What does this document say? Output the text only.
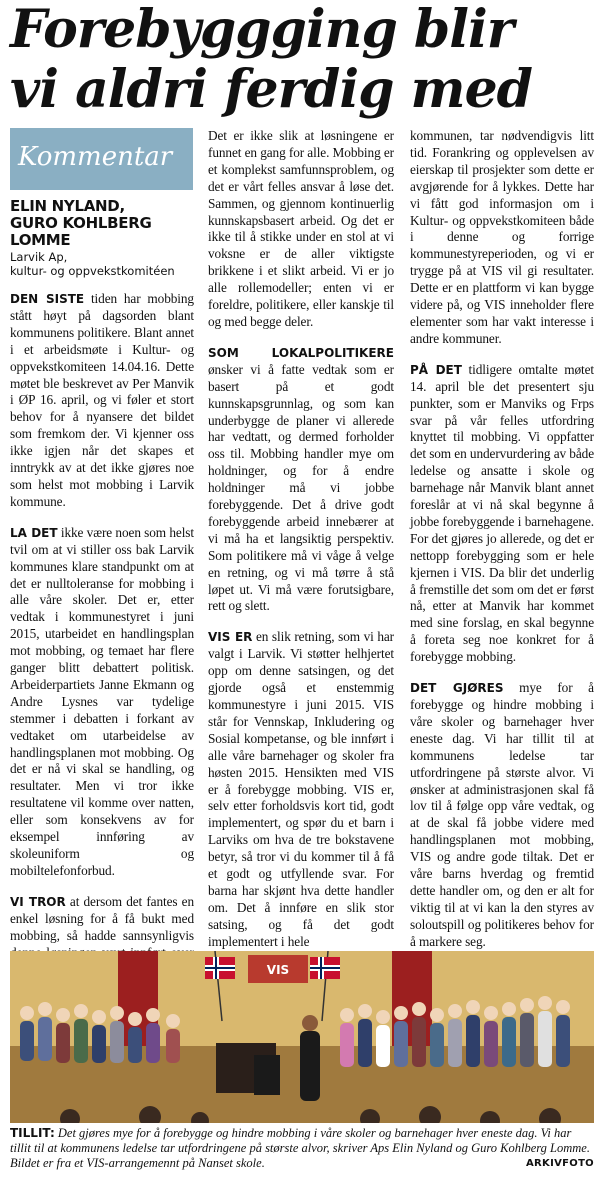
Forebyggging blir
vi aldri ferdig med
Kommentar

ELIN NYLAND,
GURO KOHLBERG
LOMME

Larvik Ap,
kultur- og oppvekstkomitéen

DEN SISTE tiden har mobbing stått høyt på dagsorden blant kommunens politikere. Blant annet i et arbeidsmøte i Kultur- og oppvekstkomiteen 14.04.16. Dette møtet ble beskrevet av Per Manvik i ØP 16. april, og vi føler et stort behov for å nyansere det bildet som fremkom der. Vi kjenner oss ikke igjen når det skapes et inntrykk av at det ikke gjøres noe som helst mot mobbing i Larvik kommune.

LA DET ikke være noen som helst tvil om at vi stiller oss bak Larvik kommunes klare standpunkt om at det er nulltoleranse for mobbing i alle våre skoler. Det er, etter vedtak i kommunestyret i juni 2015, utarbeidet en handlingsplan mot mobbing, og temaet har flere ganger blitt debattert politisk. Arbeiderpartiets Janne Ekmann og Andre Lysnes var tydelige stemmer i debatten i forkant av vedtaket om utarbeidelse av handlingsplanen mot mobbing. Og det er nå vi skal se handling, og resultater. Men vi tror ikke resultatene vil komme over natten, eller som konsekvens av for eksempel innføring av skoleuniform og mobiltelefonforbud.

VI TROR at dersom det fantes en enkel løsning for å få bukt med mobbing, så hadde sannsynligvis

Det er ikke slik at løsningene er funnet en gang for alle. Mobbing er et komplekst samfunnsproblem, og det er vårt felles ansvar å løse det. Sammen, og gjennom kontinuerlig kunnskapsbasert arbeid. Og det er ikke til å stikke under en stol at vi voksne er de aller viktigste brikkene i et slikt arbeid. Vi er jo alle rollemodeller; enten vi er foreldre, politikere, eller kanskje til og med begge deler.

SOM LOKALPOLITIKERE ønsker vi å fatte vedtak som er basert på et godt kunnskapsgrunnlag, og som kan underbygge de planer vi allerede har vedtatt, og dermed forholder oss til. Mobbing handler mye om holdninger, og for å endre holdninger må vi jobbe forebyggende. Det å drive godt forebyggende arbeid innebærer at vi må ha et langsiktig perspektiv. Som politikere må vi våge å velge en retning, og vi må tørre å stå løpet ut. Vi må være forutsigbare, rett og slett.

VIS ER en slik retning, som vi har valgt i Larvik. Vi støtter helhjertet opp om denne satsingen, og det gjorde også et enstemmig kommunestyre i juni 2015. VIS står for Vennskap, Inkludering og Sosial kompetanse, og ble innført i alle våre barnehager og skoler fra høsten 2015. Hensikten med VIS er å forebygge mobbing. VIS er, selv etter forholdsvis kort tid, godt implementert, og spør du et barn i Larviks om hva de tre bokstavene betyr, så tror vi du kommer til å få et godt og utfyllende svar. For barna har skjønt hva dette handler om. Det å innføre en slik stor satsing, og få det godt implementert i hele

kommunen, tar nødvendigvis litt tid. Forankring og opplevelsen av eierskap til prosjekter som dette er avgjørende for å lykkes. Dette har vi fått god informasjon om i Kultur- og oppvekstkomiteen både i denne og forrige kommunestyreperioden, og vi er trygge på at VIS vil gi resultater. Dette er en plattform vi kan bygge videre på, og VIS inneholder flere elementer som har vakt interesse i andre kommuner.

PÅ DET tidligere omtalte møtet 14. april ble det presentert sju punkter, som er Manviks og Frps svar på vår felles utfordring knyttet til mobbing. Vi oppfatter det som en undervurdering av både ledelse og ansatte i skole og barnehage når Manvik blant annet foreslår at vi nå skal begynne å jobbe forebyggende i barnehagene. For det gjøres jo allerede, og det er nettopp forebygging som er hele kjernen i VIS. Da blir det underlig å fremstille det som om det er først nå, etter at Manvik har kommet med sine forslag, en skal begynne å foreta seg noe konkret for å forebygge mobbing.

DET GJØRES mye for å forebygge og hindre mobbing i våre skoler og barnehager hver eneste dag. Vi har tillit til at kommunens ledelse tar utfordringene på største alvor. Vi ønsker at administrasjonen skal få lov til å følge opp våre vedtak, og at de skal få jobbe videre med handlingsplanen mot mobbing, VIS og andre gode tiltak. Det er våre barns hverdag og fremtid dette handler om, og den er alt for viktig til at vi kan la den styres av soloutspill og politikeres behov for å markere seg.

VIS

TILLIT: Det gjøres mye for å forebygge og hindre mobbing i våre skoler og barnehager hver eneste dag. Vi har tillit til at kommunens ledelse tar utfordringene på største alvor, skriver Aps Elin Nyland og Guro Kohlberg Lomme. Bildet er fra et VIS-arrangemennt på Nanset skole.	ARKIVFOTO
